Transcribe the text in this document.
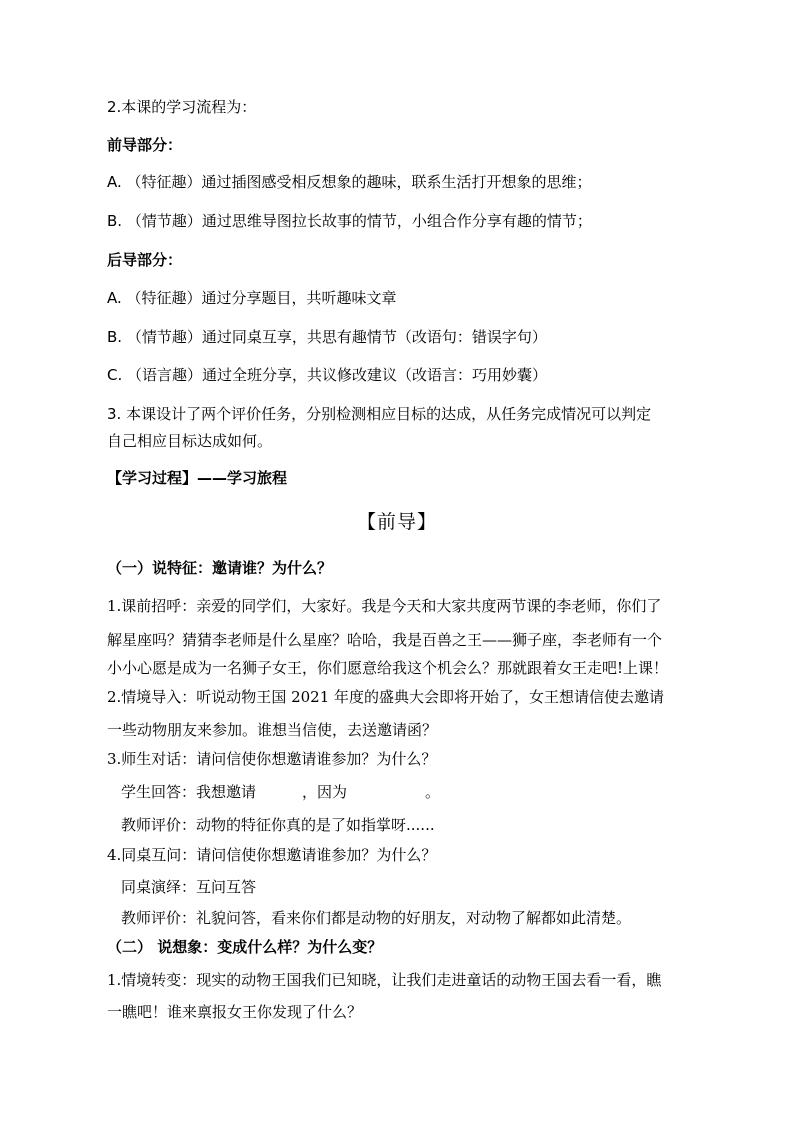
2.本课的学习流程为：
前导部分：
A. （特征趣）通过插图感受相反想象的趣味，联系生活打开想象的思维；
B. （情节趣）通过思维导图拉长故事的情节，小组合作分享有趣的情节；
后导部分：
A. （特征趣）通过分享题目，共听趣味文章
B. （情节趣）通过同桌互享，共思有趣情节（改语句：错误字句）
C. （语言趣）通过全班分享，共议修改建议（改语言：巧用妙囊）
3. 本课设计了两个评价任务，分别检测相应目标的达成，从任务完成情况可以判定
自己相应目标达成如何。
【学习过程】——学习旅程
【前导】
（一）说特征：邀请谁？为什么？
1.课前招呼：亲爱的同学们，大家好。我是今天和大家共度两节课的李老师，你们了
解星座吗？猜猜李老师是什么星座？哈哈，我是百兽之王——狮子座，李老师有一个
小小心愿是成为一名狮子女王，你们愿意给我这个机会么？那就跟着女王走吧!上课！
2.情境导入：听说动物王国 2021 年度的盛典大会即将开始了，女王想请信使去邀请
一些动物朋友来参加。谁想当信使，去送邀请函？
3.师生对话：请问信使你想邀请谁参加？为什么？
学生回答：我想邀请	，因为	。
教师评价：动物的特征你真的是了如指掌呀......
4.同桌互问：请问信使你想邀请谁参加？为什么？
同桌演绎：互问互答
教师评价：礼貌问答，看来你们都是动物的好朋友，对动物了解都如此清楚。
（二） 说想象：变成什么样？为什么变？
1.情境转变：现实的动物王国我们已知晓，让我们走进童话的动物王国去看一看，瞧
一瞧吧！谁来禀报女王你发现了什么？
